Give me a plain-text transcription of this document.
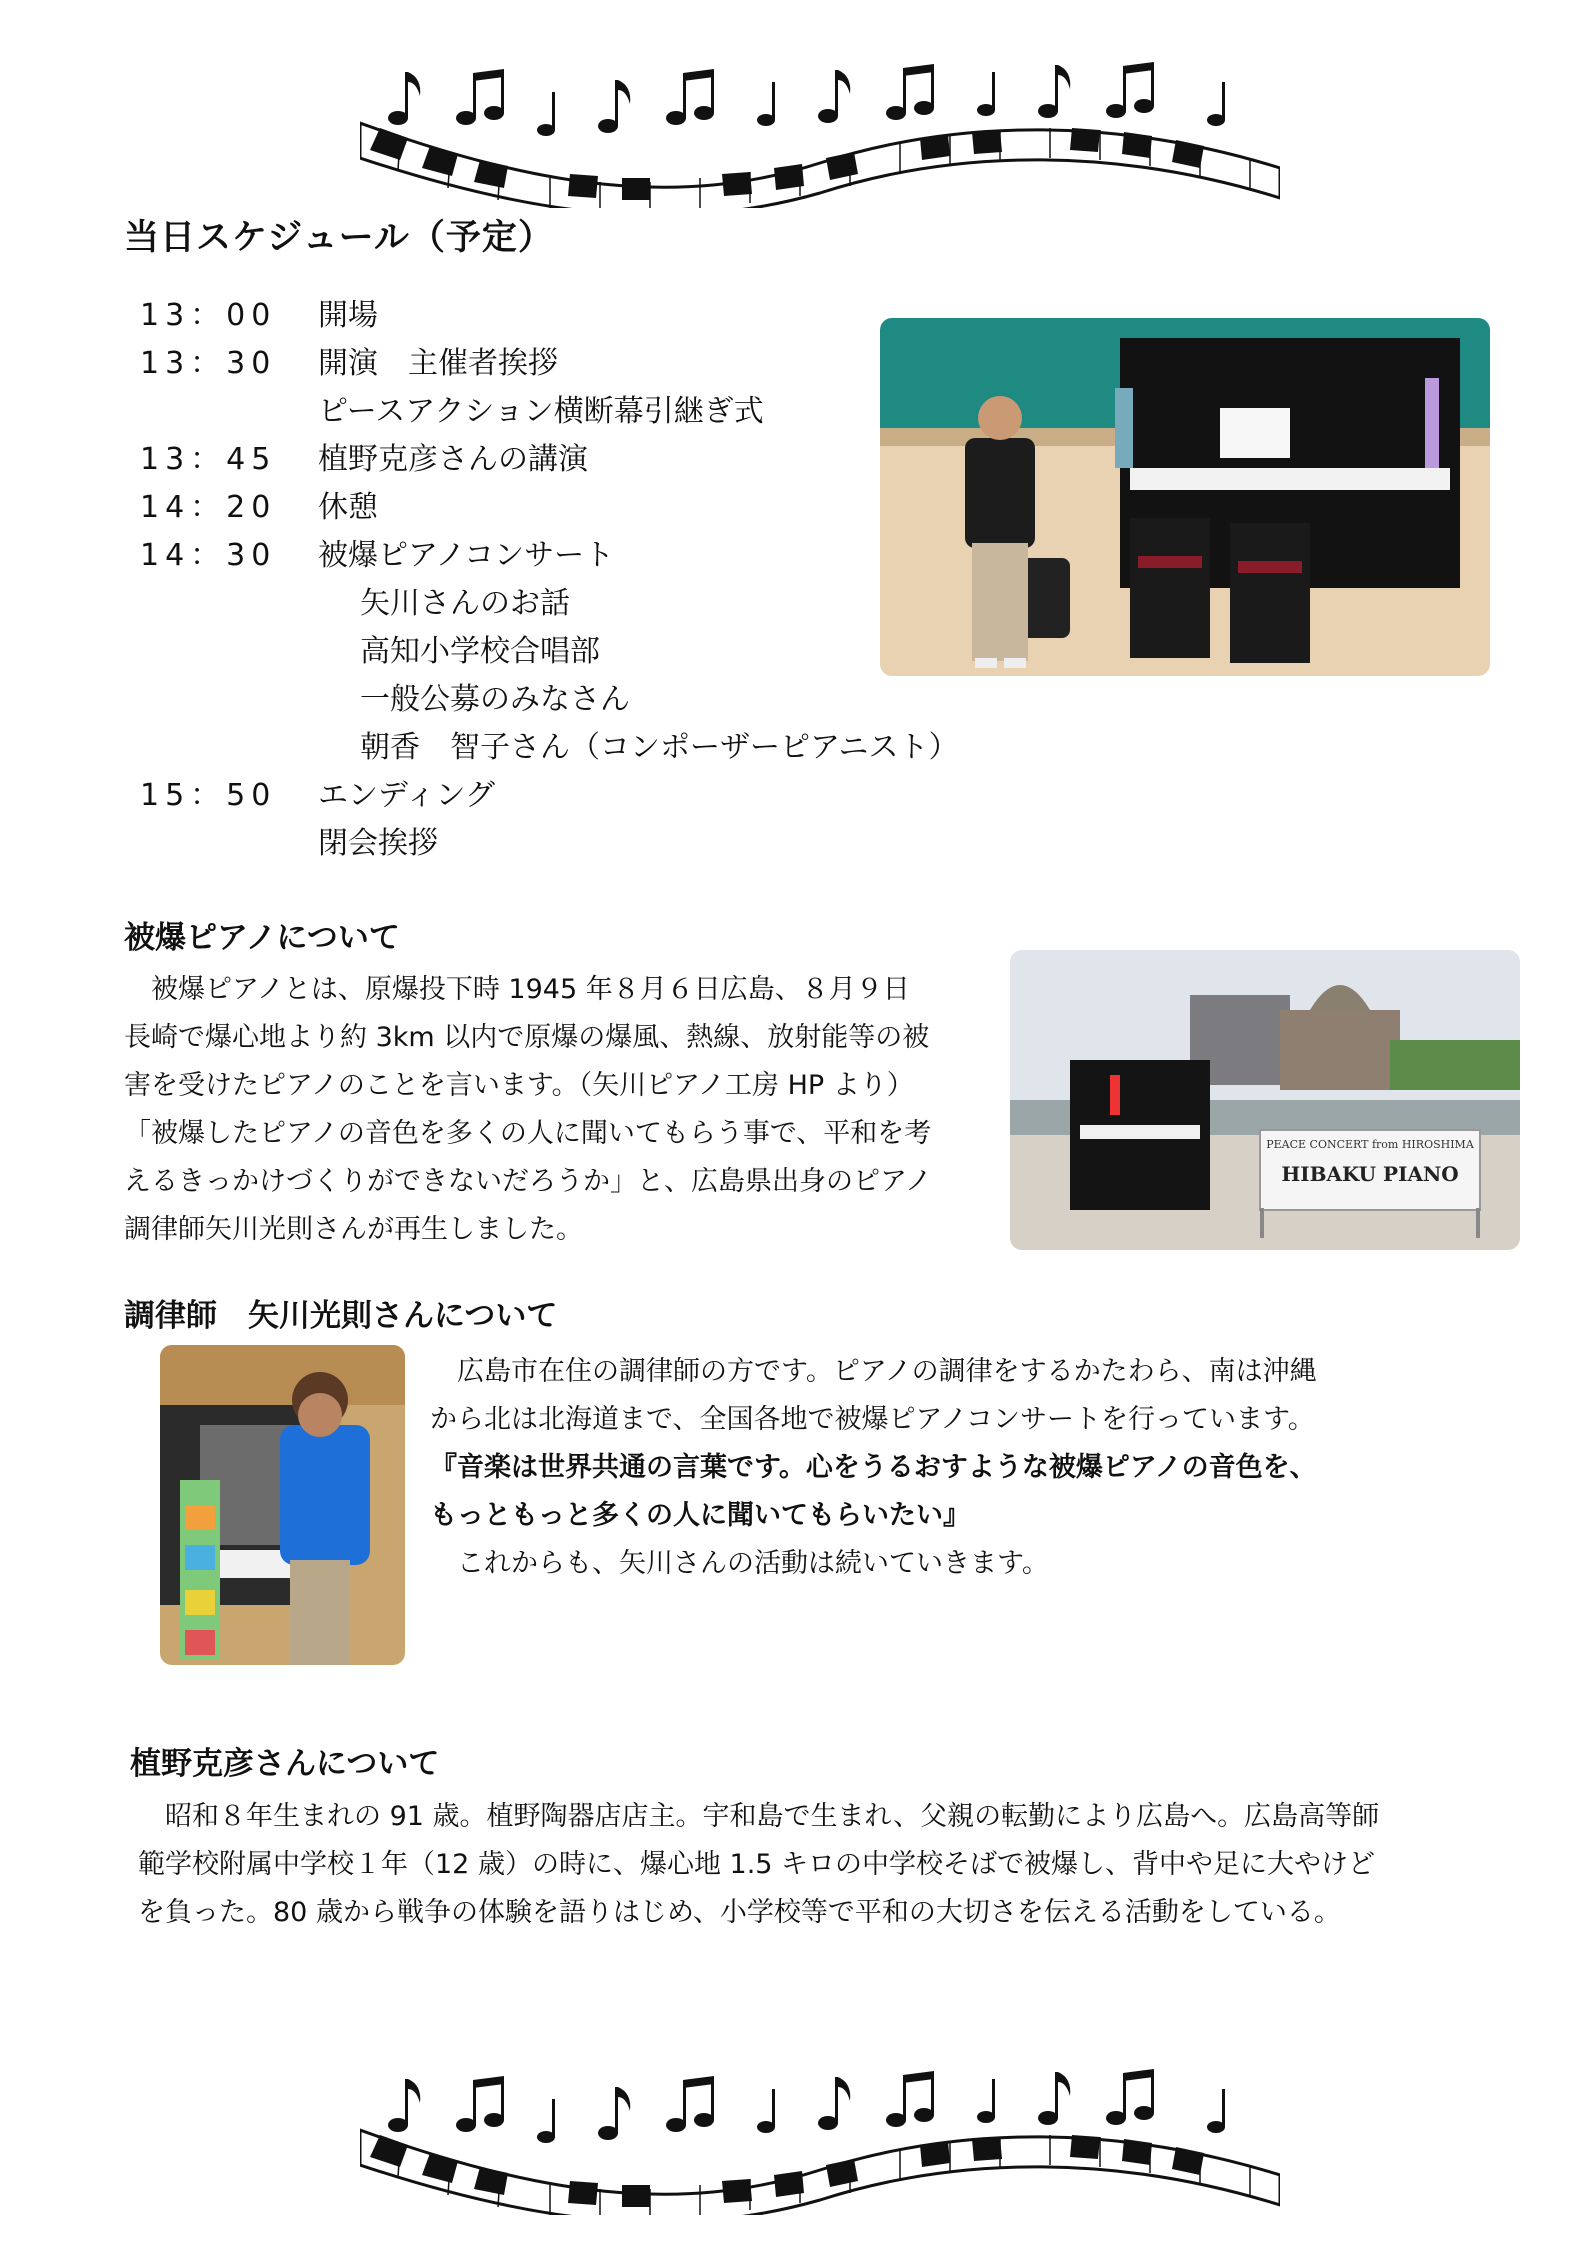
当日スケジュール（予定）
13：00	開場
13：30	開演　主催者挨拶
ピースアクション横断幕引継ぎ式
13：45	植野克彦さんの講演
14：20	休憩
14：30	被爆ピアノコンサート
矢川さんのお話
高知小学校合唱部
一般公募のみなさん
朝香　智子さん（コンポーザーピアニスト）
15：50	エンディング
閉会挨拶
被爆ピアノについて

　被爆ピアノとは、原爆投下時 1945 年８月６日広島、８月９日

長崎で爆心地より約 3km 以内で原爆の爆風、熱線、放射能等の被

害を受けたピアノのことを言います。（矢川ピアノ工房 HP より）

「被爆したピアノの音色を多くの人に聞いてもらう事で、平和を考

えるきっかけづくりができないだろうか」と、広島県出身のピアノ

調律師矢川光則さんが再生しました。

PEACE CONCERT from HIROSHIMA
HIBAKU PIANO
調律師　矢川光則さんについて

　広島市在住の調律師の方です。ピアノの調律をするかたわら、南は沖縄

から北は北海道まで、全国各地で被爆ピアノコンサートを行っています。

『音楽は世界共通の言葉です。心をうるおすような被爆ピアノの音色を、

もっともっと多くの人に聞いてもらいたい』

　これからも、矢川さんの活動は続いていきます。

植野克彦さんについて

　昭和８年生まれの 91 歳。植野陶器店店主。宇和島で生まれ、父親の転勤により広島へ。広島高等師

範学校附属中学校１年（12 歳）の時に、爆心地 1.5 キロの中学校そばで被爆し、背中や足に大やけど

を負った。80 歳から戦争の体験を語りはじめ、小学校等で平和の大切さを伝える活動をしている。
